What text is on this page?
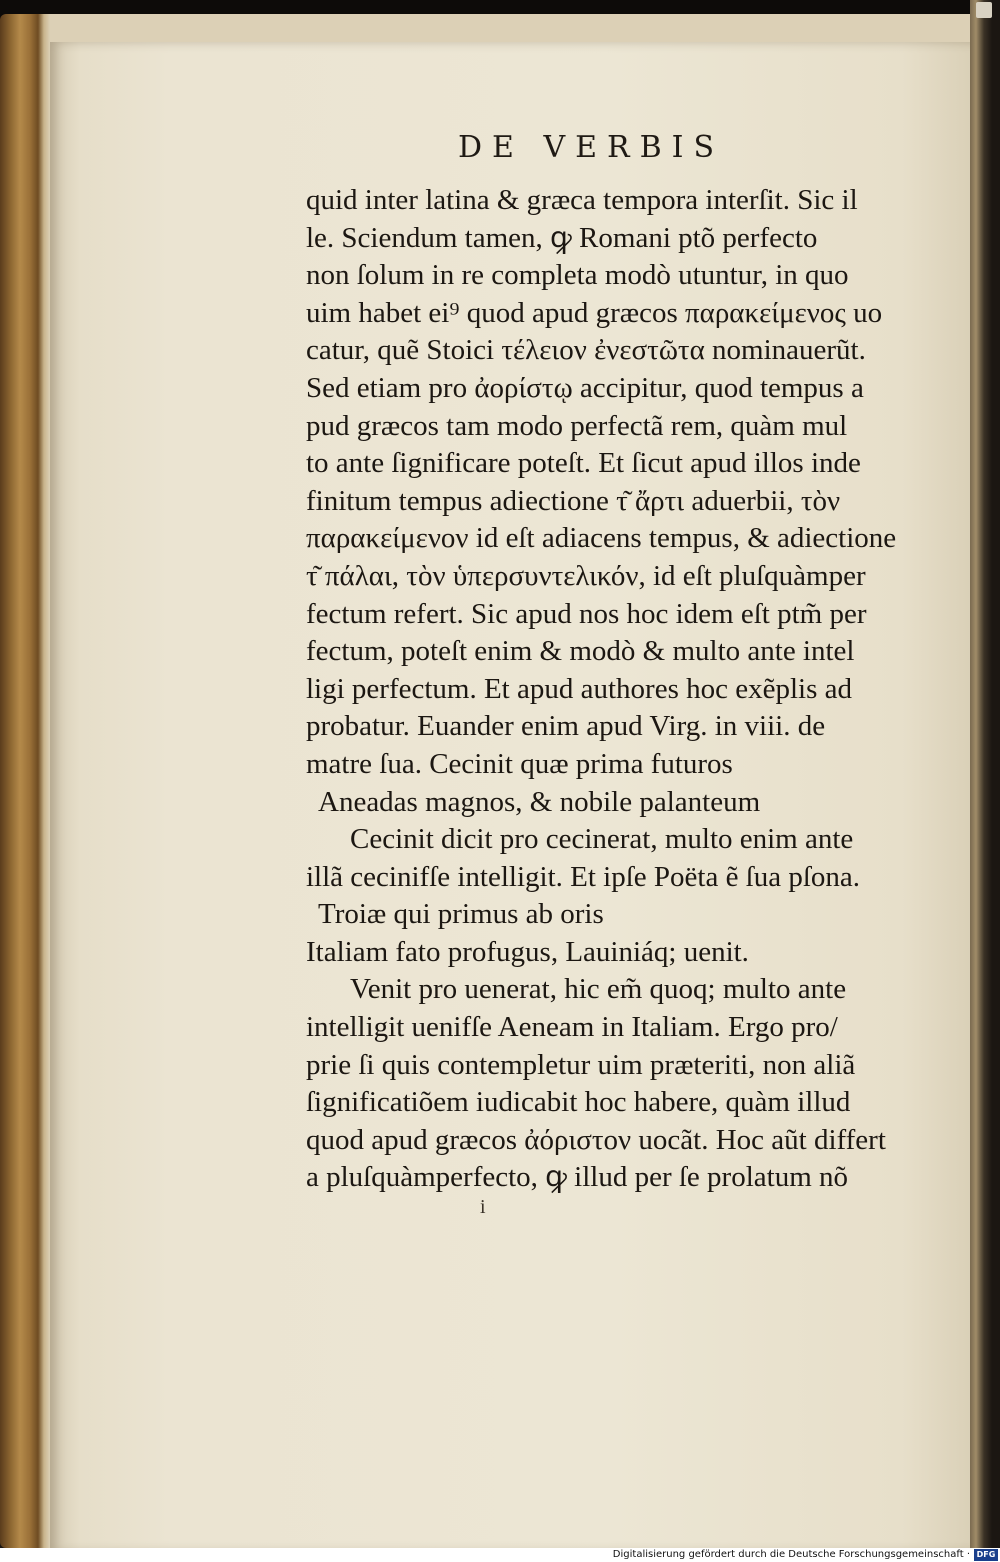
DE VERBIS
quid inter latina & græca tempora interſit. Sic il
le. Sciendum tamen, ꝙ Romani ptõ perfecto
non ſolum in re completa modò utuntur, in quo
uim habet ei⁹ quod apud græcos παρακείμενος uo
catur, quẽ Stoici τέλειον ἐνεστῶτα nominauerũt.
Sed etiam pro ἀορίστῳ accipitur, quod tempus a
pud græcos tam modo perfectã rem, quàm mul
to ante ſignificare poteſt. Et ſicut apud illos inde
finitum tempus adiectione τ͂ ἄρτι aduerbii, τὸν
παρακείμενον id eſt adiacens tempus, & adiectione
τ͂ πάλαι, τὸν ὑπερσυντελικόν, id eſt pluſquàmper
fectum refert. Sic apud nos hoc idem eſt ptm̃ per
fectum, poteſt enim & modò & multo ante intel
ligi perfectum. Et apud authores hoc exẽplis ad
probatur. Euander enim apud Virg. in viii. de
matre ſua. Cecinit quæ prima futuros
Aneadas magnos, & nobile palanteum
Cecinit dicit pro cecinerat, multo enim ante
illã cecinifſe intelligit. Et ipſe Poëta ẽ ſua pſona.
Troiæ qui primus ab oris
Italiam fato profugus, Lauiniáq; uenit.
Venit pro uenerat, hic em̃ quoq; multo ante
intelligit uenifſe Aeneam in Italiam. Ergo pro/
prie ſi quis contempletur uim præteriti, non aliã
ſignificatiõem iudicabit hoc habere, quàm illud
quod apud græcos ἀόριστον uocãt. Hoc aũt differt
a pluſquàmperfecto, ꝙ illud per ſe prolatum nõ
i
Digitalisierung gefördert durch die Deutsche Forschungsgemeinschaft · DFG
